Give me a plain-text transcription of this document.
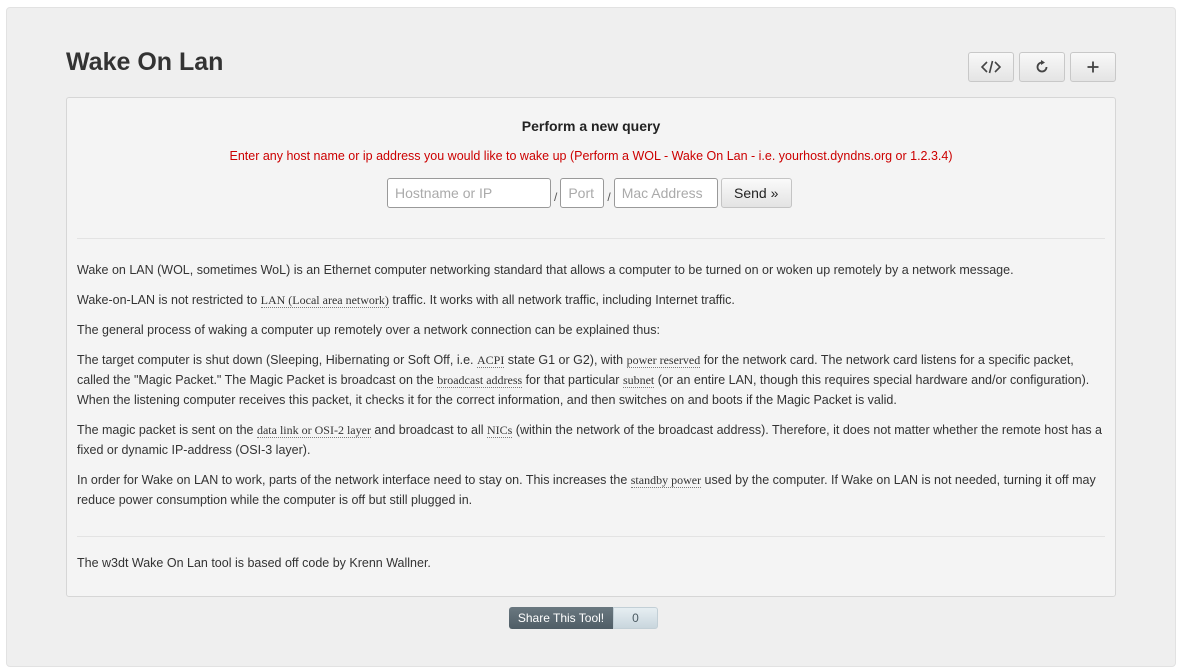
Wake On Lan
Perform a new query
Enter any host name or ip address you would like to wake up (Perform a WOL - Wake On Lan - i.e. yourhost.dyndns.org or 1.2.3.4)
Hostname or IP
/
Port	/
Mac Address	Send »

Wake on LAN (WOL, sometimes WoL) is an Ethernet computer networking standard that allows a computer to be turned on or woken up remotely by a network message.

Wake-on-LAN is not restricted to LAN (Local area network) traffic. It works with all network traffic, including Internet traffic.

The general process of waking a computer up remotely over a network connection can be explained thus:

The target computer is shut down (Sleeping, Hibernating or Soft Off, i.e. ACPI state G1 or G2), with power reserved for the network card. The network card listens for a specific packet, called the "Magic Packet." The Magic Packet is broadcast on the broadcast address for that particular subnet (or an entire LAN, though this requires special hardware and/or configuration). When the listening computer receives this packet, it checks it for the correct information, and then switches on and boots if the Magic Packet is valid.

The magic packet is sent on the data link or OSI-2 layer and broadcast to all NICs (within the network of the broadcast address). Therefore, it does not matter whether the remote host has a fixed or dynamic IP-address (OSI-3 layer).

In order for Wake on LAN to work, parts of the network interface need to stay on. This increases the standby power used by the computer. If Wake on LAN is not needed, turning it off may reduce power consumption while the computer is off but still plugged in.

The w3dt Wake On Lan tool is based off code by Krenn Wallner.
Share This Tool!	0
